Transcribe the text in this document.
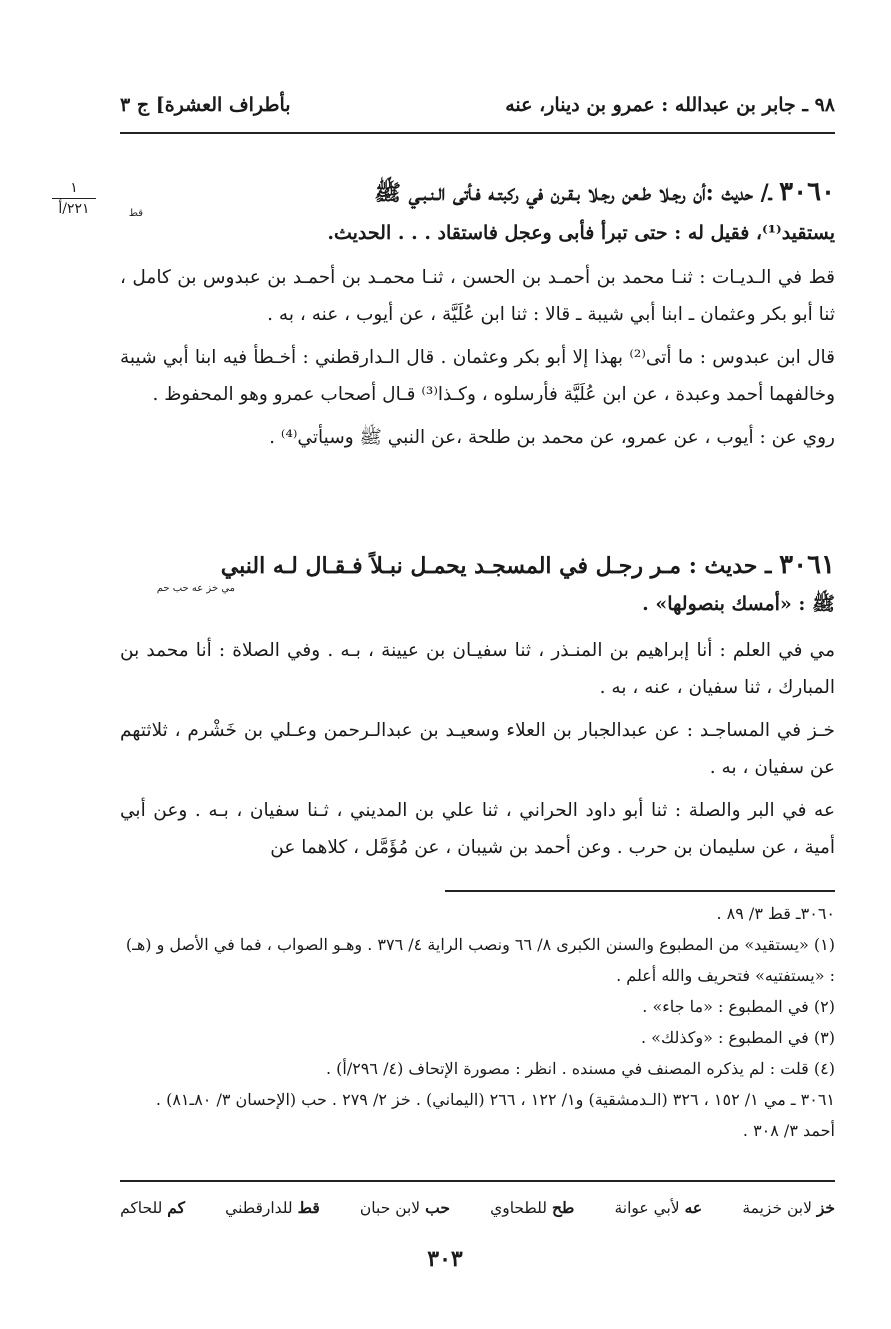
٩٨ ـ جابر بن عبدالله : عمرو بن دينار، عنه
بأطراف العشرة] ج ٣
١
٢٢١/أ
٣٠٦٠ ـ/ حديث :أن رجـلا طـعن رجـلا بـقـرن في ركبتـه فـأتى الـنـبـي ﷺ
قط
يستقيد⁽¹⁾، فقيل له : حتى تبرأ فأبى وعجل فاستقاد . . . الحديث.

قط في الـديـات : ثنـا محمد بن أحمـد بن الحسن ، ثنـا محمـد بن أحمـد بن عبدوس بن كامل ، ثنا أبو بكر وعثمان ـ ابنا أبي شيبة ـ قالا : ثنا ابن عُلَيَّة ، عن أيوب ، عنه ، به .

قال ابن عبدوس : ما أتى⁽²⁾ بهذا إلا أبو بكر وعثمان . قال الـدارقطني : أخـطأ فيه ابنا أبي شيبة وخالفهما أحمد وعبدة ، عن ابن عُلَيَّة فأرسلوه ، وكـذا⁽³⁾ قـال أصحاب عمرو وهو المحفوظ .

روي عن : أيوب ، عن عمرو، عن محمد بن طلحة ،عن النبي ﷺ وسيأتي⁽⁴⁾ .

٣٠٦١ ـ حديث : مـر رجـل في المسجـد يحمـل نبـلاً فـقـال لـه النبي
مي خز عه حب حم
ﷺ : «أمسك بنصولها» .

مي في العلم : أنا إبراهيم بن المنـذر ، ثنا سفيـان بن عيينة ، بـه . وفي الصلاة : أنا محمد بن المبارك ، ثنا سفيان ، عنه ، به .

خـز في المساجـد : عن عبدالجبار بن العلاء وسعيـد بن عبدالـرحمن وعـلي بن خَشْرم ، ثلاثتهم عن سفيان ، به .

عه في البر والصلة : ثنا أبو داود الحراني ، ثنا علي بن المديني ، ثـنا سفيان ، بـه . وعن أبي أمية ، عن سليمان بن حرب . وعن أحمد بن شيبان ، عن مُؤَمَّل ، كلاهما عن

٣٠٦٠ـ قط ٣/ ٨٩ .

(١) «يستقيد» من المطبوع والسنن الكبرى ٨/ ٦٦ ونصب الراية ٤/ ٣٧٦ . وهـو الصواب ، فما في الأصل و (هـ) : «يستفتيه» فتحريف والله أعلم .

(٢) في المطبوع : «ما جاء» .

(٣) في المطبوع : «وكذلك» .

(٤) قلت : لم يذكره المصنف في مسنده . انظر : مصورة الإتحاف (٤/ ٢٩٦/أ) .

٣٠٦١ ـ مي ١/ ١٥٢ ، ٣٢٦ (الـدمشقية) و١/ ١٢٢ ، ٢٦٦ (اليماني) . خز ٢/ ٢٧٩ . حب (الإحسان ٣/ ٨٠ـ٨١) . أحمد ٣/ ٣٠٨ .

خز لابن خزيمة
عه لأبي عوانة
طح للطحاوي
حب لابن حبان
قط للدارقطني
كم للحاكم
٣٠٣
